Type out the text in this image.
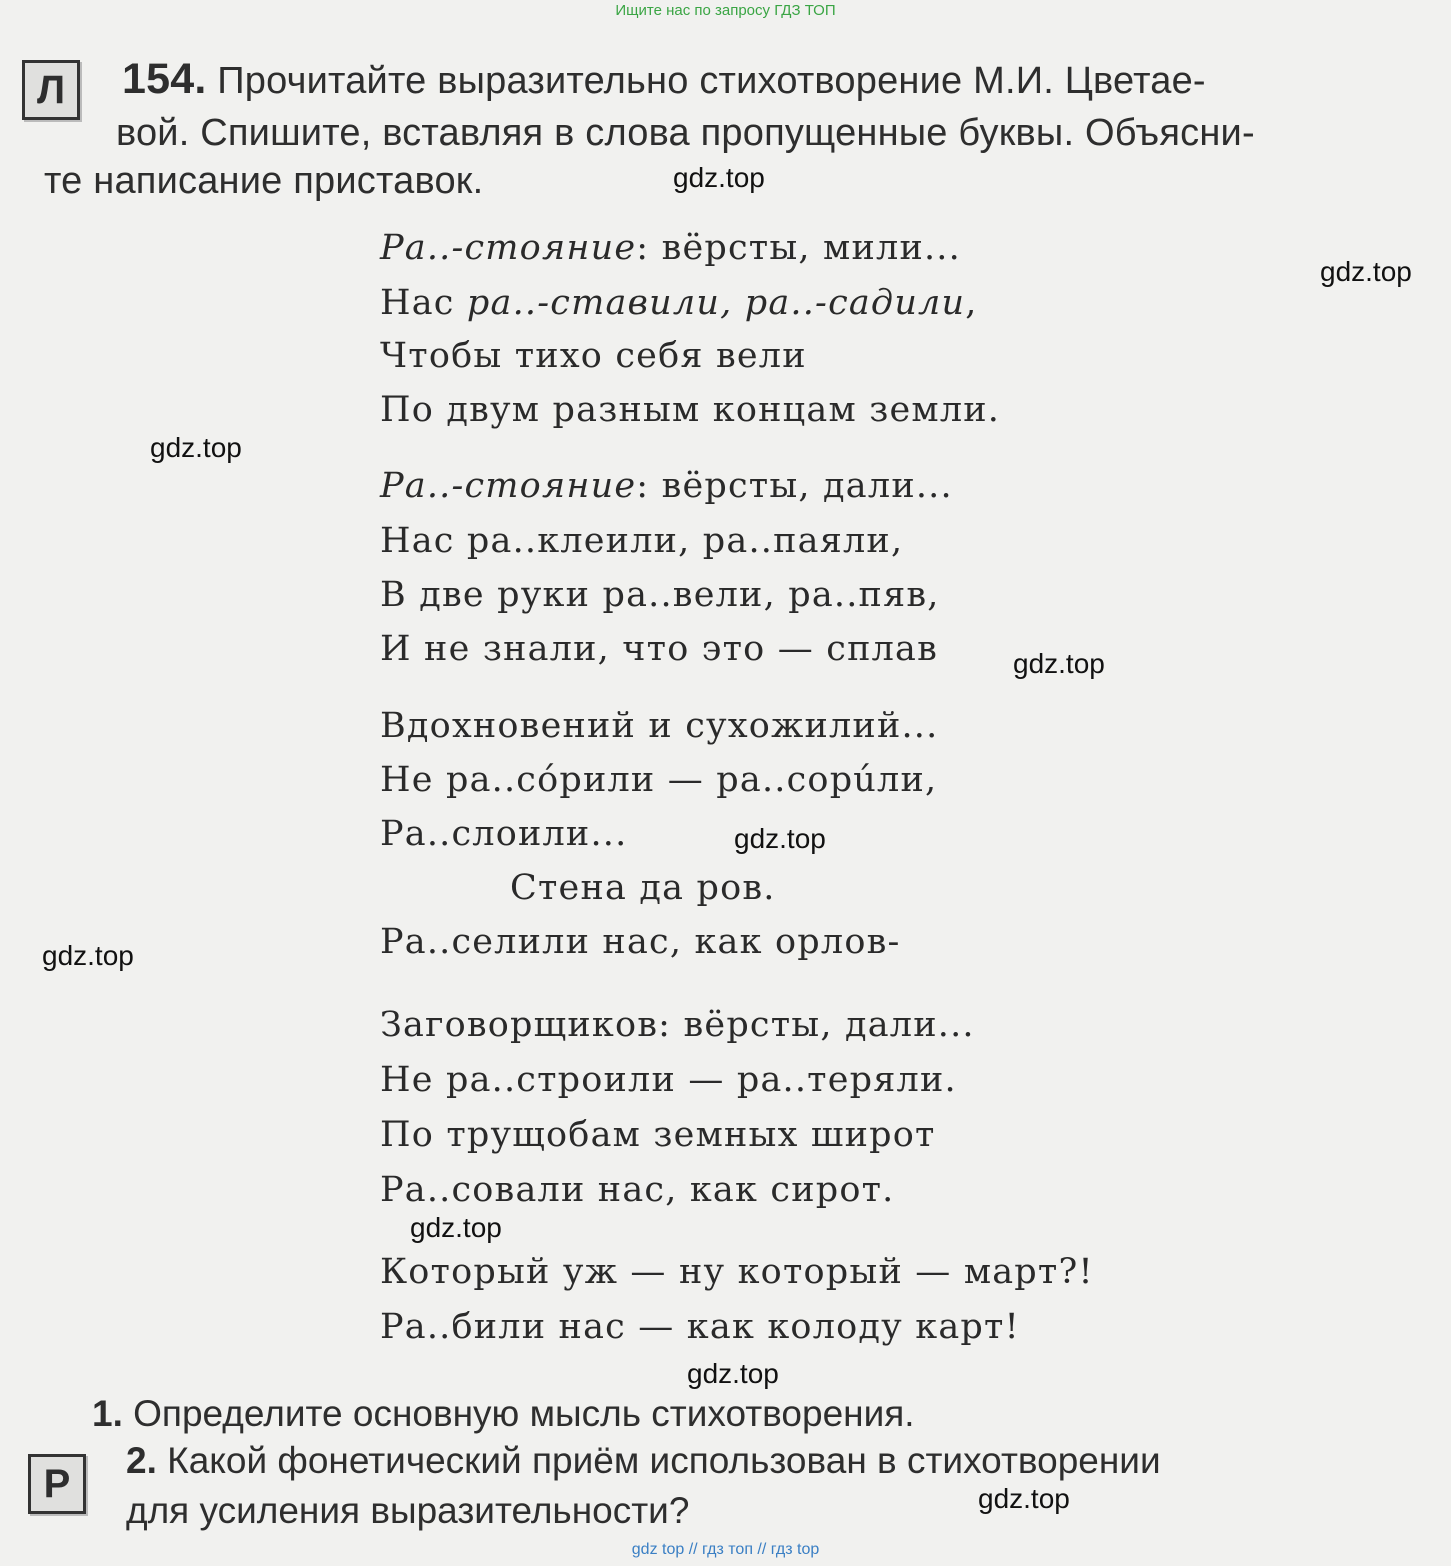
Ищите нас по запросу ГДЗ ТОП
Л	154. Прочитайте выразительно стихотворение М.И. Цветае-
вой. Спишите, вставляя в слова пропущенные буквы. Объясни-
те написание приставок.
Ра..-стояние: вёрсты, мили...
Нас ра..-ставили, ра..-садили,
Чтобы тихо себя вели
По двум разным концам земли.
Ра..-стояние: вёрсты, дали...
Нас ра..клеили, ра..паяли,
В две руки ра..вели, ра..пяв,
И не знали, что это — сплав
Вдохновений и сухожилий...
Не ра..сóрили — ра..сорúли,
Ра..слоили...
Стена да ров.
Ра..селили нас, как орлов-
Заговорщиков: вёрсты, дали...
Не ра..строили — ра..теряли.
По трущобам земных широт
Ра..совали нас, как сирот.
Который уж — ну который — март?!
Ра..били нас — как колоду карт!
1. Определите основную мысль стихотворения.
Р
2. Какой фонетический приём использован в стихотворении
для усиления выразительности?
gdz.top
gdz.top
gdz.top
gdz.top
gdz.top
gdz.top
gdz.top
gdz.top
gdz.top
gdz top // гдз топ // гдз top
